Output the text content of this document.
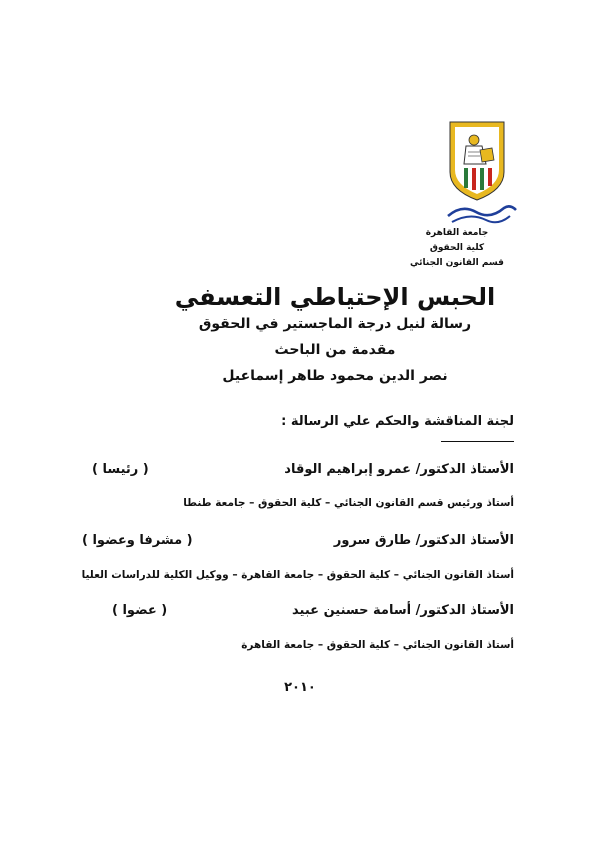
جامعة القاهرة
كلية الحقوق
قسم القانون الجنائي
الحبس الإحتياطي التعسفي
رسالة لنيل درجة الماجستير في الحقوق
مقدمة من الباحث
نصر الدين محمود طاهر إسماعيل
لجنة المناقشة والحكم علي الرسالة :
الأستاذ الدكتور/ عمرو إبراهيم الوقاد
( رئيسا )
أستاذ ورئيس قسم القانون الجنائي – كلية الحقوق – جامعة طنطا
الأستاذ الدكتور/ طارق سرور
( مشرفا وعضوا )
أستاذ القانون الجنائي – كلية الحقوق – جامعة القاهرة – ووكيل الكلية للدراسات العليا
الأستاذ الدكتور/ أسامة حسنين عبيد
( عضوا )
أستاذ القانون الجنائي – كلية الحقوق – جامعة القاهرة
٢٠١٠
